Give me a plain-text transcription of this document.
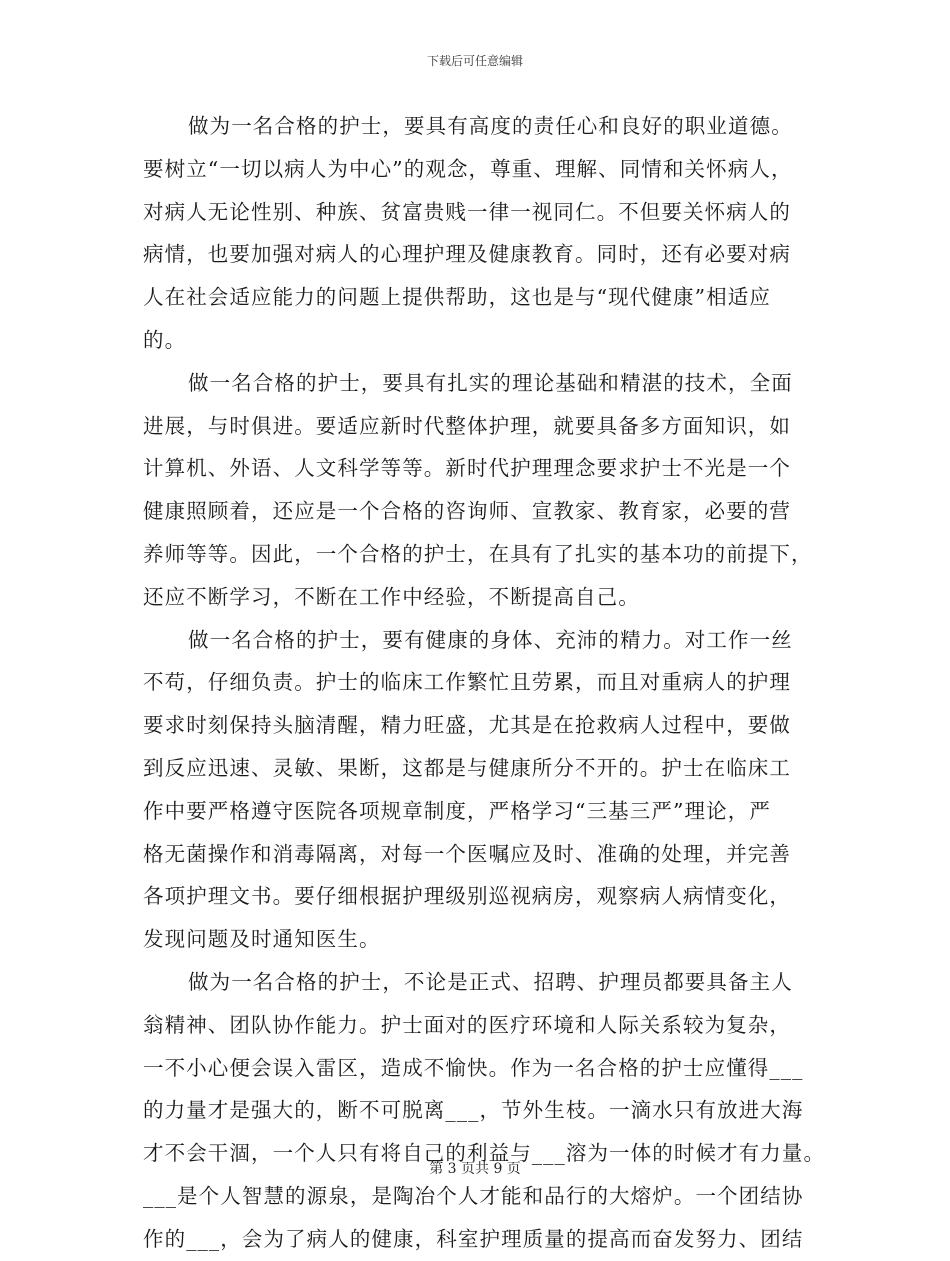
下载后可任意编辑
做为一名合格的护士，要具有高度的责任心和良好的职业道德。
要树立“一切以病人为中心”的观念，尊重、理解、同情和关怀病人，
对病人无论性别、种族、贫富贵贱一律一视同仁。不但要关怀病人的
病情，也要加强对病人的心理护理及健康教育。同时，还有必要对病
人在社会适应能力的问题上提供帮助，这也是与“现代健康”相适应
的。
做一名合格的护士，要具有扎实的理论基础和精湛的技术，全面
进展，与时俱进。要适应新时代整体护理，就要具备多方面知识，如
计算机、外语、人文科学等等。新时代护理理念要求护士不光是一个
健康照顾着，还应是一个合格的咨询师、宣教家、教育家，必要的营
养师等等。因此，一个合格的护士，在具有了扎实的基本功的前提下，
还应不断学习，不断在工作中经验，不断提高自己。
做一名合格的护士，要有健康的身体、充沛的精力。对工作一丝
不苟，仔细负责。护士的临床工作繁忙且劳累，而且对重病人的护理
要求时刻保持头脑清醒，精力旺盛，尤其是在抢救病人过程中，要做
到反应迅速、灵敏、果断，这都是与健康所分不开的。护士在临床工
作中要严格遵守医院各项规章制度，严格学习“三基三严”理论，严
格无菌操作和消毒隔离，对每一个医嘱应及时、准确的处理，并完善
各项护理文书。要仔细根据护理级别巡视病房，观察病人病情变化，
发现问题及时通知医生。
做为一名合格的护士，不论是正式、招聘、护理员都要具备主人
翁精神、团队协作能力。护士面对的医疗环境和人际关系较为复杂，
一不小心便会误入雷区，造成不愉快。作为一名合格的护士应懂得___
的力量才是强大的，断不可脱离___，节外生枝。一滴水只有放进大海
才不会干涸，一个人只有将自己的利益与___溶为一体的时候才有力量。
___是个人智慧的源泉，是陶冶个人才能和品行的大熔炉。一个团结协
作的___，会为了病人的健康，科室护理质量的提高而奋发努力、团结
第 3 页共 9 页
